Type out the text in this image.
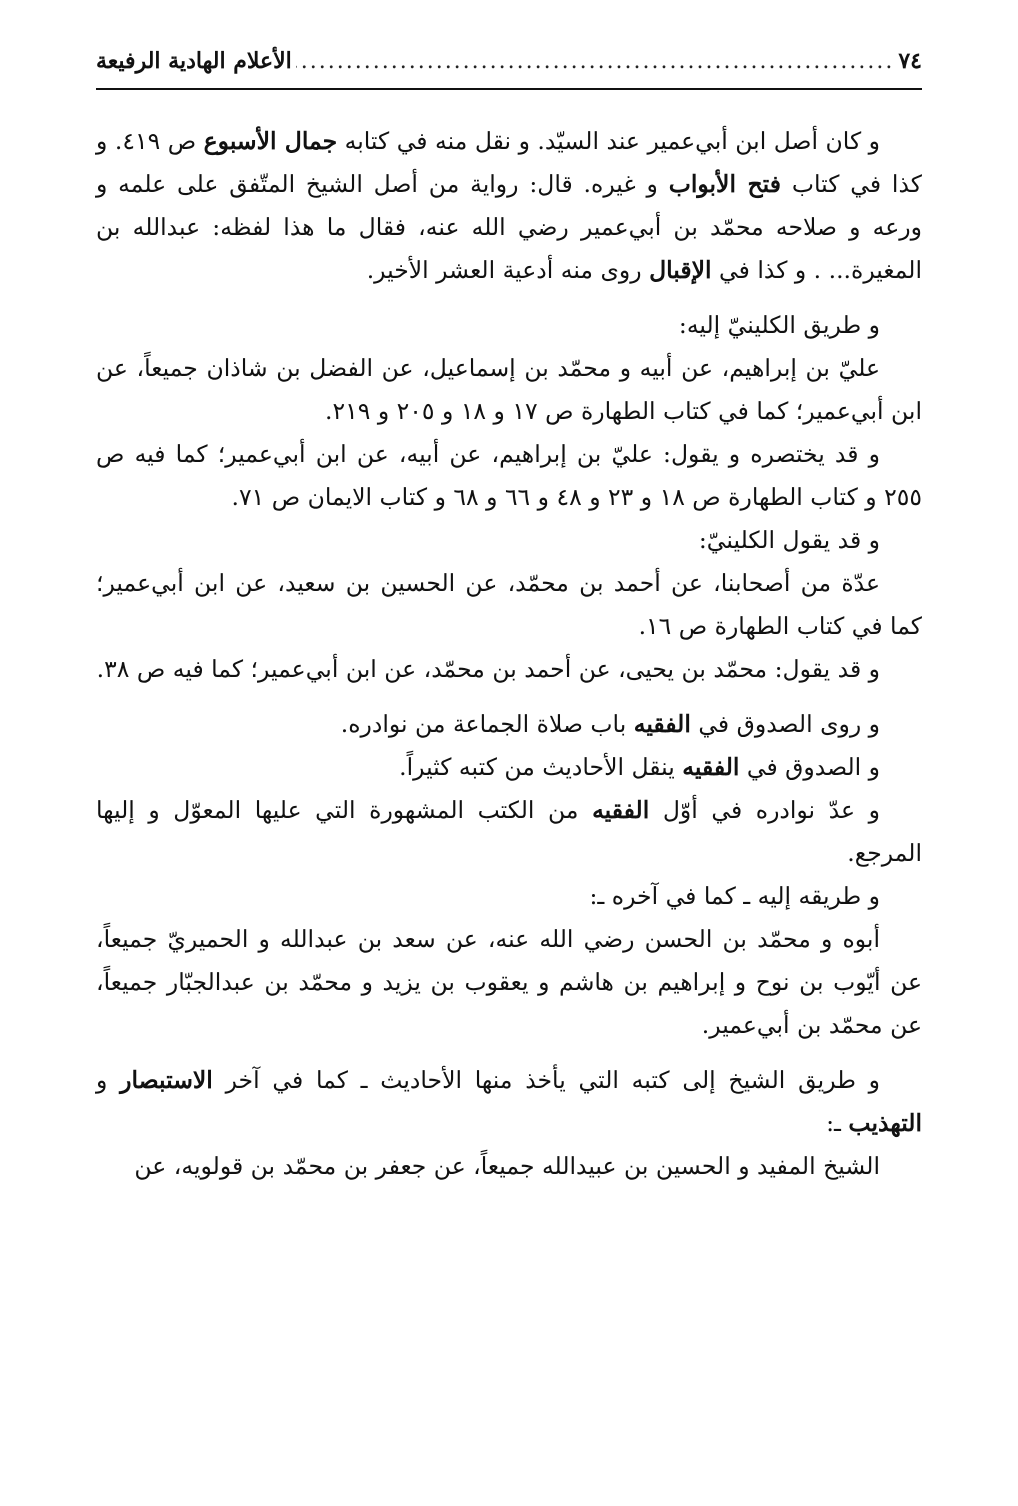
٧٤
.....
الأعلام الهادية الرفيعة

و كان أصل ابن أبي‌عمير عند السيّد. و نقل منه في كتابه جمال الأسبوع ص ٤١٩. و كذا في كتاب فتح الأبواب و غيره. قال: رواية من أصل الشيخ المتّفق على علمه و ورعه و صلاحه محمّد بن أبي‌عمير رضي الله عنه، فقال ما هذا لفظه: عبدالله بن المغيرة... . و كذا في الإقبال روى منه أدعية العشر الأخير.

و طريق الكلينيّ إليه:

عليّ بن إبراهيم، عن أبيه و محمّد بن إسماعيل، عن الفضل بن شاذان جميعاً، عن ابن أبي‌عمير؛ كما في كتاب الطهارة ص ١٧ و ١٨ و ٢٠٥ و ٢١٩.

و قد يختصره و يقول: عليّ بن إبراهيم، عن أبيه، عن ابن أبي‌عمير؛ كما فيه ص ٢٥٥ و كتاب الطهارة ص ١٨ و ٢٣ و ٤٨ و ٦٦ و ٦٨ و كتاب الايمان ص ٧١.

و قد يقول الكلينيّ:

عدّة من أصحابنا، عن أحمد بن محمّد، عن الحسين بن سعيد، عن ابن أبي‌عمير؛ كما في كتاب الطهارة ص ١٦.

و قد يقول: محمّد بن يحيى، عن أحمد بن محمّد، عن ابن أبي‌عمير؛ كما فيه ص ٣٨.

و روى الصدوق في الفقيه باب صلاة الجماعة من نوادره.

و الصدوق في الفقيه ينقل الأحاديث من كتبه كثيراً.

و عدّ نوادره في أوّل الفقيه من الكتب المشهورة التي عليها المعوّل و إليها المرجع.

و طريقه إليه ـ كما في آخره ـ:

أبوه و محمّد بن الحسن رضي الله عنه، عن سعد بن عبدالله و الحميريّ جميعاً، عن أيّوب بن نوح و إبراهيم بن هاشم و يعقوب بن يزيد و محمّد بن عبدالجبّار جميعاً، عن محمّد بن أبي‌عمير.

و طريق الشيخ إلى كتبه التي يأخذ منها الأحاديث ـ كما في آخر الاستبصار و التهذيب ـ:

الشيخ المفيد و الحسين بن عبيدالله جميعاً، عن جعفر بن محمّد بن قولويه، عن
